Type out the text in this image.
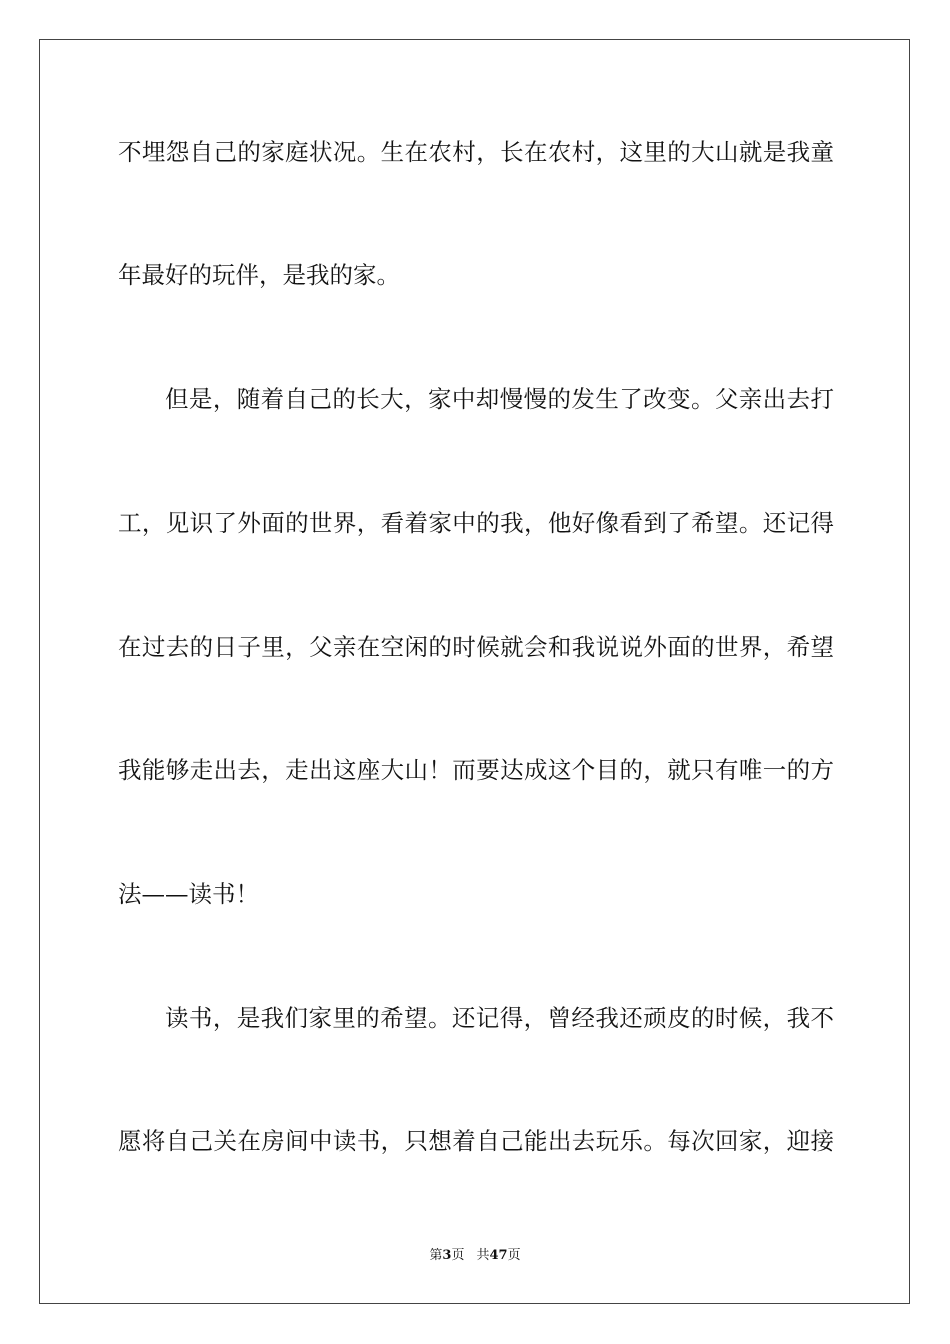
不埋怨自己的家庭状况。生在农村，长在农村，这里的大山就是我童
年最好的玩伴，是我的家。
但是，随着自己的长大，家中却慢慢的发生了改变。父亲出去打
工，见识了外面的世界，看着家中的我，他好像看到了希望。还记得
在过去的日子里，父亲在空闲的时候就会和我说说外面的世界，希望
我能够走出去，走出这座大山！而要达成这个目的，就只有唯一的方
法——读书！
读书，是我们家里的希望。还记得，曾经我还顽皮的时候，我不
愿将自己关在房间中读书，只想着自己能出去玩乐。每次回家，迎接
第3页 共47页
